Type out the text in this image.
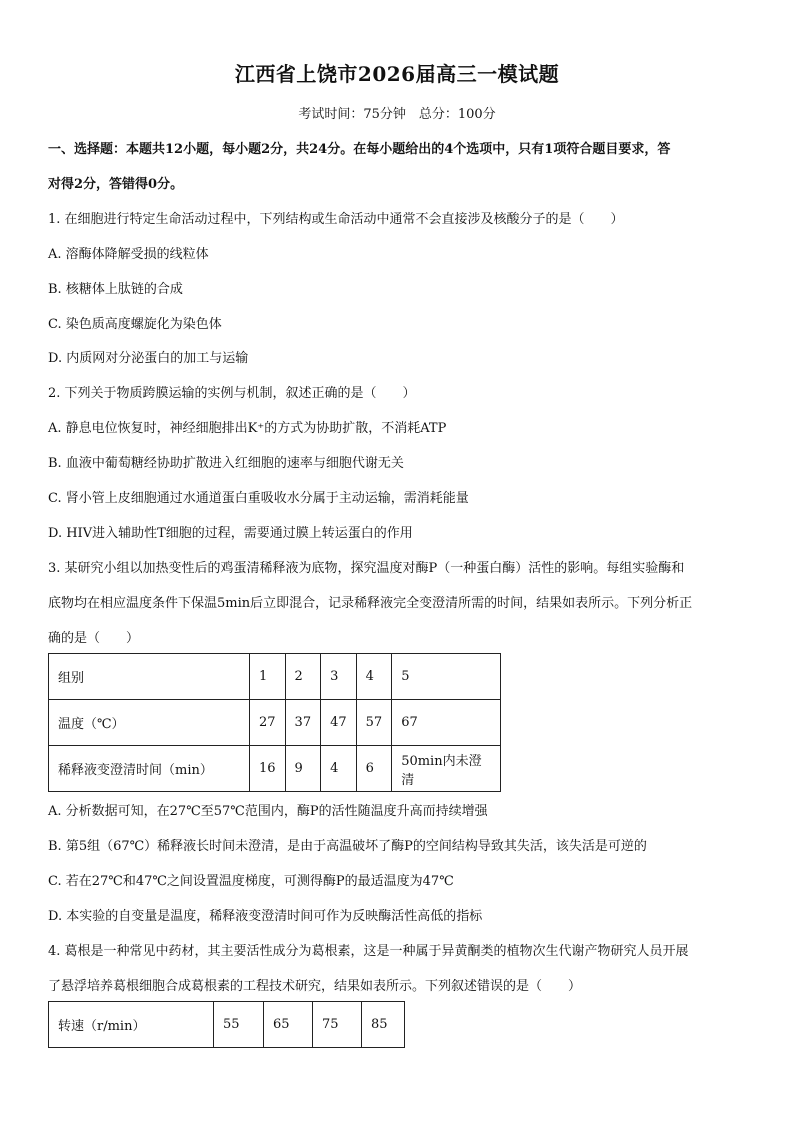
江西省上饶市2026届高三一模试题
考试时间：75分钟　总分：100分
一、选择题：本题共12小题，每小题2分，共24分。在每小题给出的4个选项中，只有1项符合题目要求，答
对得2分，答错得0分。
1. 在细胞进行特定生命活动过程中，下列结构或生命活动中通常不会直接涉及核酸分子的是（　　）
A. 溶酶体降解受损的线粒体
B. 核糖体上肽链的合成
C. 染色质高度螺旋化为染色体
D. 内质网对分泌蛋白的加工与运输
2. 下列关于物质跨膜运输的实例与机制，叙述正确的是（　　）
A. 静息电位恢复时，神经细胞排出K⁺的方式为协助扩散，不消耗ATP
B. 血液中葡萄糖经协助扩散进入红细胞的速率与细胞代谢无关
C. 肾小管上皮细胞通过水通道蛋白重吸收水分属于主动运输，需消耗能量
D. HIV进入辅助性T细胞的过程，需要通过膜上转运蛋白的作用
3. 某研究小组以加热变性后的鸡蛋清稀释液为底物，探究温度对酶P（一种蛋白酶）活性的影响。每组实验酶和
底物均在相应温度条件下保温5min后立即混合，记录稀释液完全变澄清所需的时间，结果如表所示。下列分析正
确的是（　　）
组别	1	2	3	4	5
温度（℃）	27	37	47	57	67
稀释液变澄清时间（min）	16	9	4	6	50min内未澄清
A. 分析数据可知，在27℃至57℃范围内，酶P的活性随温度升高而持续增强
B. 第5组（67℃）稀释液长时间未澄清，是由于高温破坏了酶P的空间结构导致其失活，该失活是可逆的
C. 若在27℃和47℃之间设置温度梯度，可测得酶P的最适温度为47℃
D. 本实验的自变量是温度，稀释液变澄清时间可作为反映酶活性高低的指标
4. 葛根是一种常见中药材，其主要活性成分为葛根素，这是一种属于异黄酮类的植物次生代谢产物研究人员开展
了悬浮培养葛根细胞合成葛根素的工程技术研究，结果如表所示。下列叙述错误的是（　　）
转速（r/min）	55	65	75	85
